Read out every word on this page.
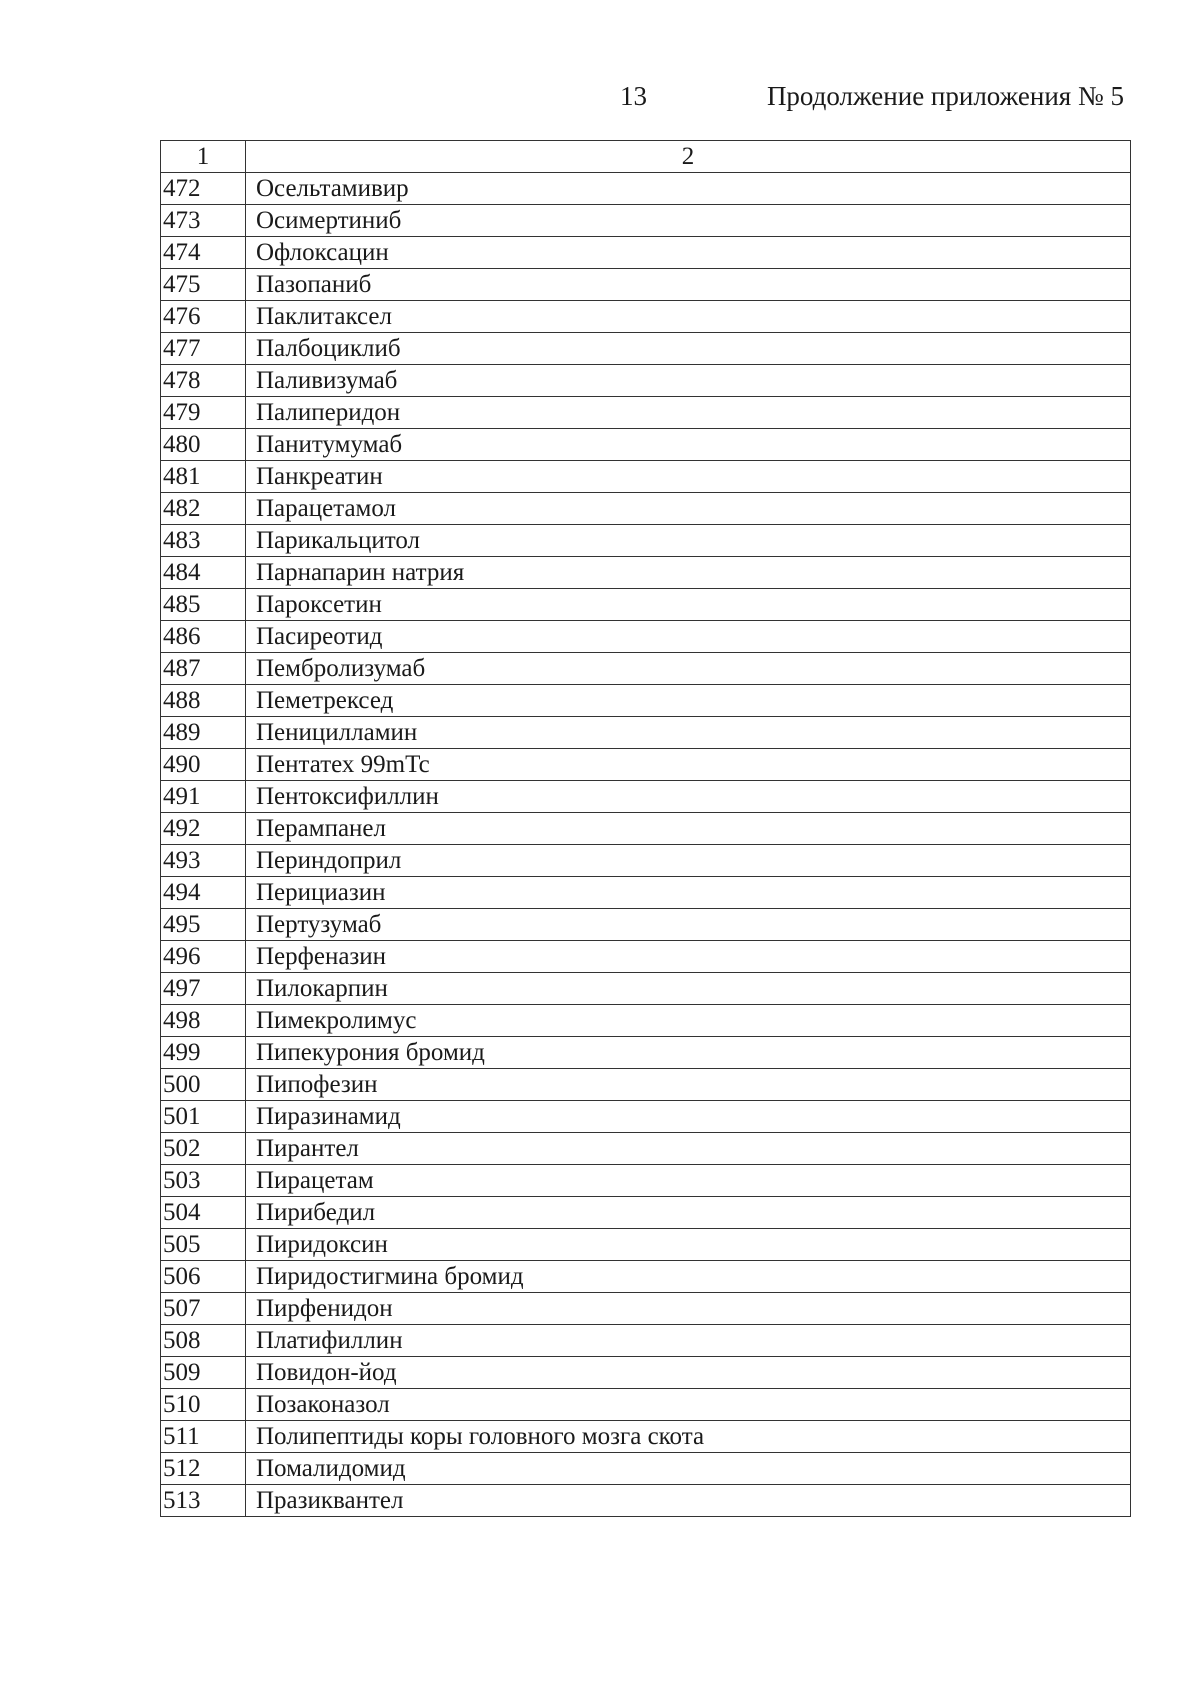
13	Продолжение приложения № 5
1	2
472	Осельтамивир
473	Осимертиниб
474	Офлоксацин
475	Пазопаниб
476	Паклитаксел
477	Палбоциклиб
478	Паливизумаб
479	Палиперидон
480	Панитумумаб
481	Панкреатин
482	Парацетамол
483	Парикальцитол
484	Парнапарин натрия
485	Пароксетин
486	Пасиреотид
487	Пембролизумаб
488	Пеметрексед
489	Пеницилламин
490	Пентатех 99mTc
491	Пентоксифиллин
492	Перампанел
493	Периндоприл
494	Перициазин
495	Пертузумаб
496	Перфеназин
497	Пилокарпин
498	Пимекролимус
499	Пипекурония бромид
500	Пипофезин
501	Пиразинамид
502	Пирантел
503	Пирацетам
504	Пирибедил
505	Пиридоксин
506	Пиридостигмина бромид
507	Пирфенидон
508	Платифиллин
509	Повидон-йод
510	Позаконазол
511	Полипептиды коры головного мозга скота
512	Помалидомид
513	Празиквантел
